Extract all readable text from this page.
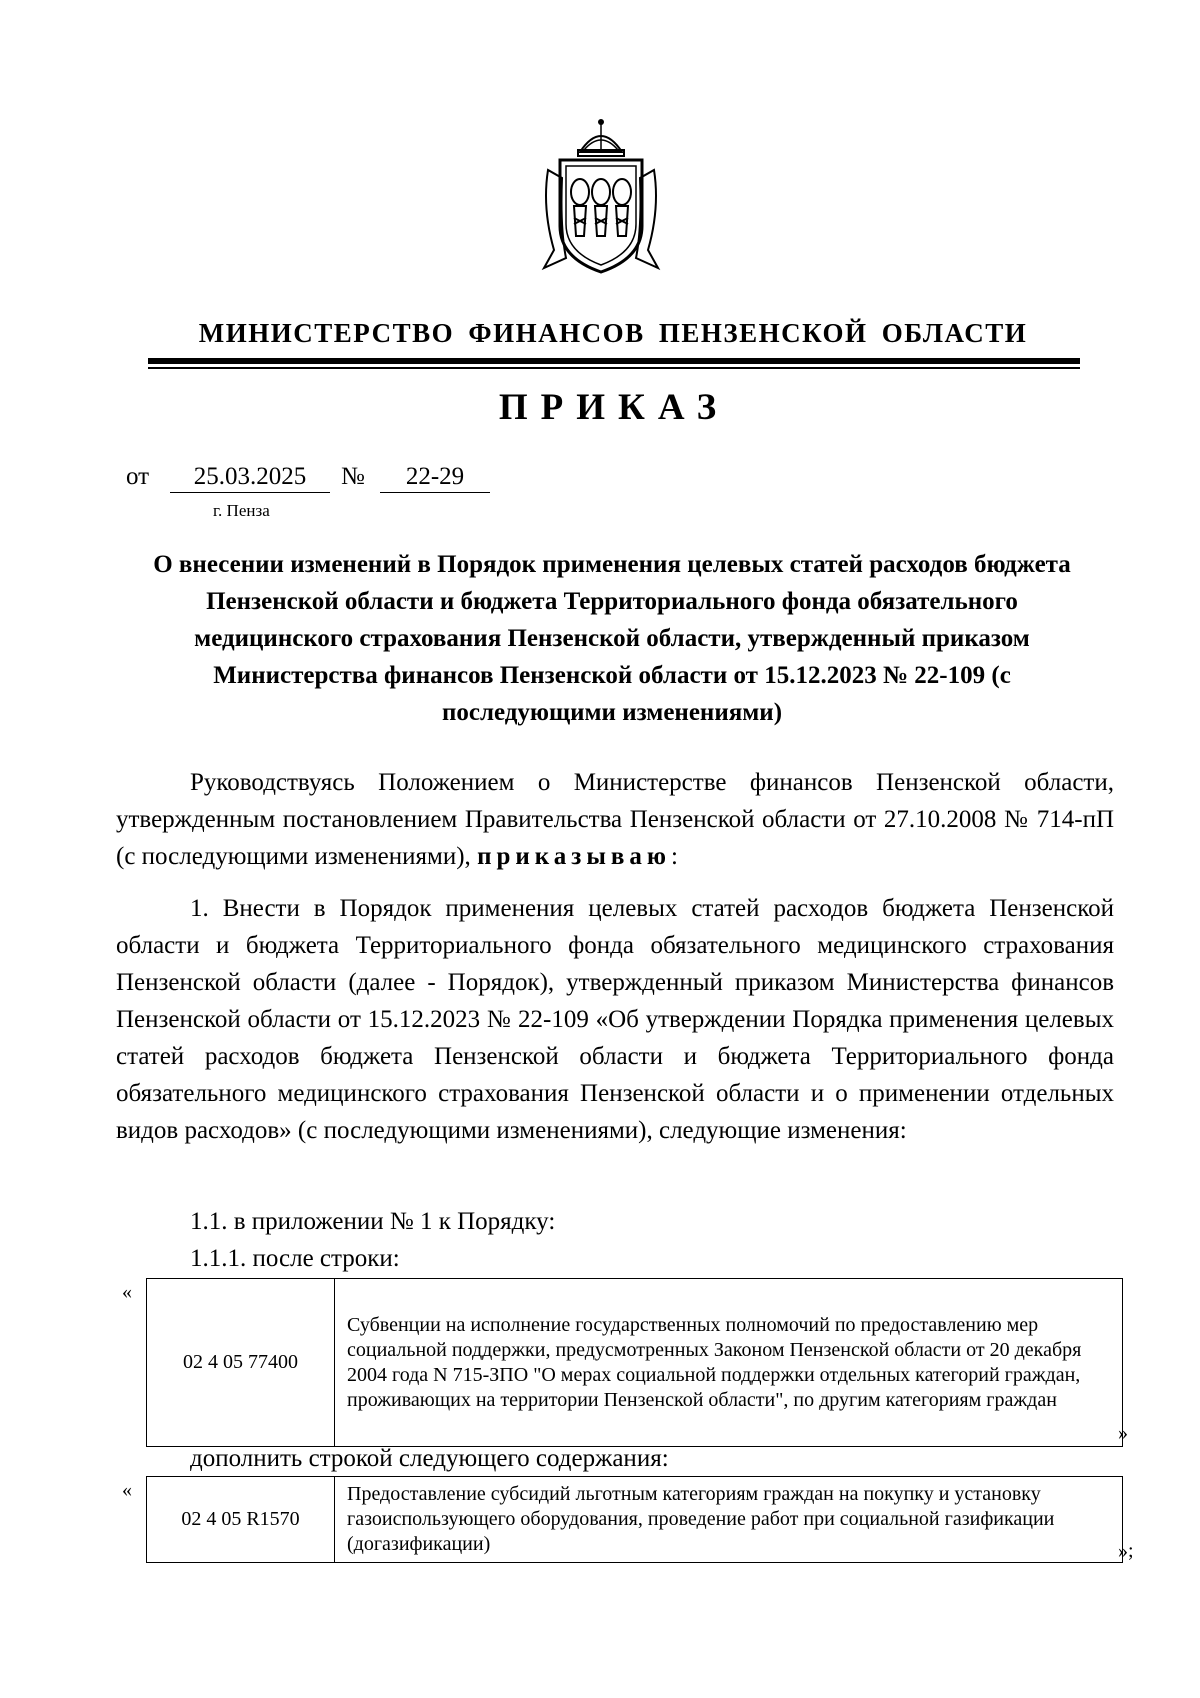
МИНИСТЕРСТВО ФИНАНСОВ ПЕНЗЕНСКОЙ ОБЛАСТИ
ПРИКАЗ
от	25.03.2025	№	22-29
г. Пенза
О внесении изменений в Порядок применения целевых статей расходов бюджета Пензенской области и бюджета Территориального фонда обязательного медицинского страхования Пензенской области, утвержденный приказом Министерства финансов Пензенской области от 15.12.2023 № 22-109 (с последующими изменениями)
Руководствуясь Положением о Министерстве финансов Пензенской области, утвержденным постановлением Правительства Пензенской области от 27.10.2008 № 714-пП (с последующими изменениями), приказываю:
1. Внести в Порядок применения целевых статей расходов бюджета Пензенской области и бюджета Территориального фонда обязательного медицинского страхования Пензенской области (далее - Порядок), утвержденный приказом Министерства финансов Пензенской области от 15.12.2023 № 22-109 «Об утверждении Порядка применения целевых статей расходов бюджета Пензенской области и бюджета Территориального фонда обязательного медицинского страхования Пензенской области и о применении отдельных видов расходов» (с последующими изменениями), следующие изменения:
1.1. в приложении № 1 к Порядку:
1.1.1. после строки:
«
02 4 05 77400	Субвенции на исполнение государственных полномочий по предоставлению мер социальной поддержки, предусмотренных Законом Пензенской области от 20 декабря 2004 года N 715-ЗПО "О мерах социальной поддержки отдельных категорий граждан, проживающих на территории Пензенской области", по другим категориям граждан
»
дополнить строкой следующего содержания:
«
02 4 05 R1570	Предоставление субсидий льготным категориям граждан на покупку и установку газоиспользующего оборудования, проведение работ при социальной газификации (догазификации)	»;
